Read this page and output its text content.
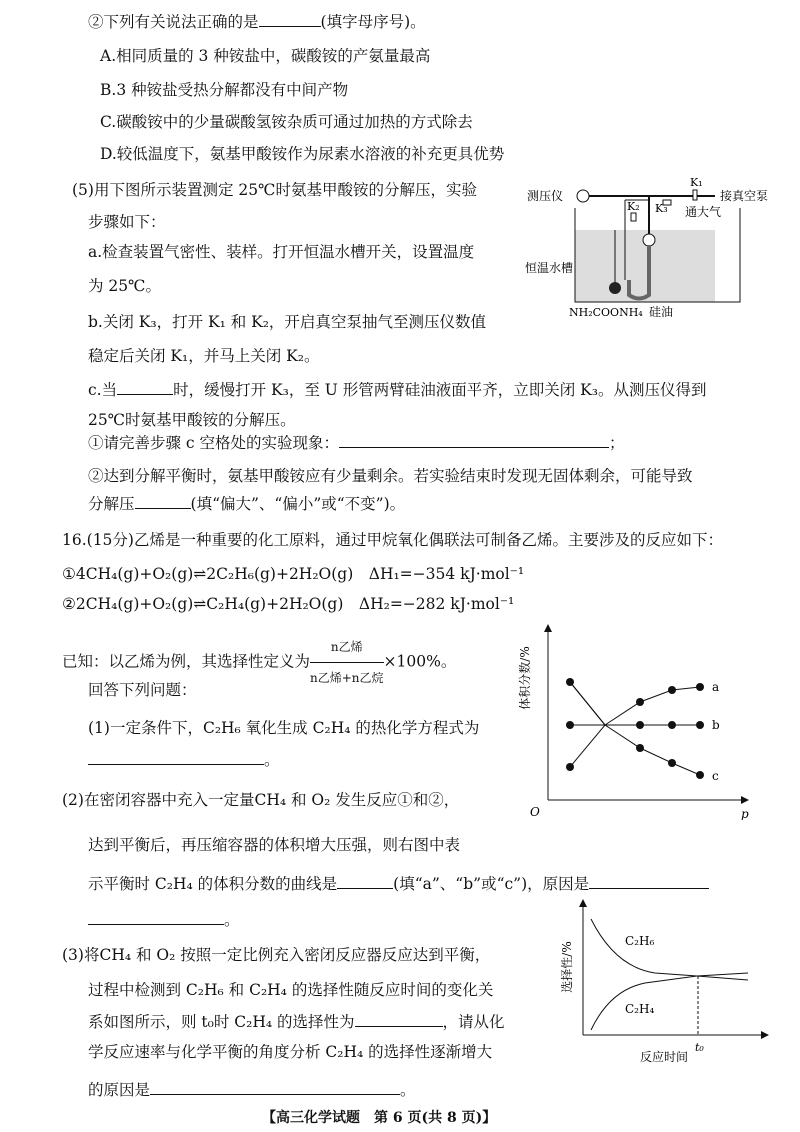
②下列有关说法正确的是	(填字母序号)。
A.相同质量的 3 种铵盐中，碳酸铵的产氨量最高
B.3 种铵盐受热分解都没有中间产物
C.碳酸铵中的少量碳酸氢铵杂质可通过加热的方式除去
D.较低温度下，氨基甲酸铵作为尿素水溶液的补充更具优势
(5)用下图所示装置测定 25℃时氨基甲酸铵的分解压，实验
步骤如下：
a.检查装置气密性、装样。打开恒温水槽开关，设置温度
为 25℃。
b.关闭 K₃，打开 K₁ 和 K₂，开启真空泵抽气至测压仪数值
稳定后关闭 K₁，并马上关闭 K₂。
c.当	时，缓慢打开 K₃，至 U 形管两臂硅油液面平齐，立即关闭 K₃。从测压仪得到
25℃时氨基甲酸铵的分解压。
①请完善步骤 c 空格处的实验现象：	；
②达到分解平衡时，氨基甲酸铵应有少量剩余。若实验结束时发现无固体剩余，可能导致
分解压	(填“偏大”、“偏小”或“不变”)。
测压仪	接真空泵
K₁
K₃ 通大气
K₂
恒温水槽
NH₂COONH₄ 硅油
16.(15分)乙烯是一种重要的化工原料，通过甲烷氧化偶联法可制备乙烯。主要涉及的反应如下：
①4CH₄(g)+O₂(g)⇌2C₂H₆(g)+2H₂O(g)　ΔH₁=−354 kJ·mol⁻¹
②2CH₄(g)+O₂(g)⇌C₂H₄(g)+2H₂O(g)　ΔH₂=−282 kJ·mol⁻¹
已知：以乙烯为例，其选择性定义为 $\frac{\text{n乙烯}}{\text{n乙烯+n乙烷}} \times 100\%$。
回答下列问题：
(1)一定条件下，C₂H₆ 氧化生成 C₂H₄ 的热化学方程式为
。
(2)在密闭容器中充入一定量CH₄ 和 O₂ 发生反应①和②，
达到平衡后，再压缩容器的体积增大压强，则右图中表
示平衡时 C₂H₄ 的体积分数的曲线是	(填“a”、“b”或“c”)，原因是
。
(3)将CH₄ 和 O₂ 按照一定比例充入密闭反应器反应达到平衡，
过程中检测到 C₂H₆ 和 C₂H₄ 的选择性随反应时间的变化关
系如图所示，则 t₀时 C₂H₄ 的选择性为	，请从化
学反应速率与化学平衡的角度分析 C₂H₄ 的选择性逐渐增大
的原因是	。
体积分数/%
O	p
a
b
c
选择性/%
C₂H₆
C₂H₄
t₀
反应时间
【高三化学试题　第 6 页(共 8 页)】
